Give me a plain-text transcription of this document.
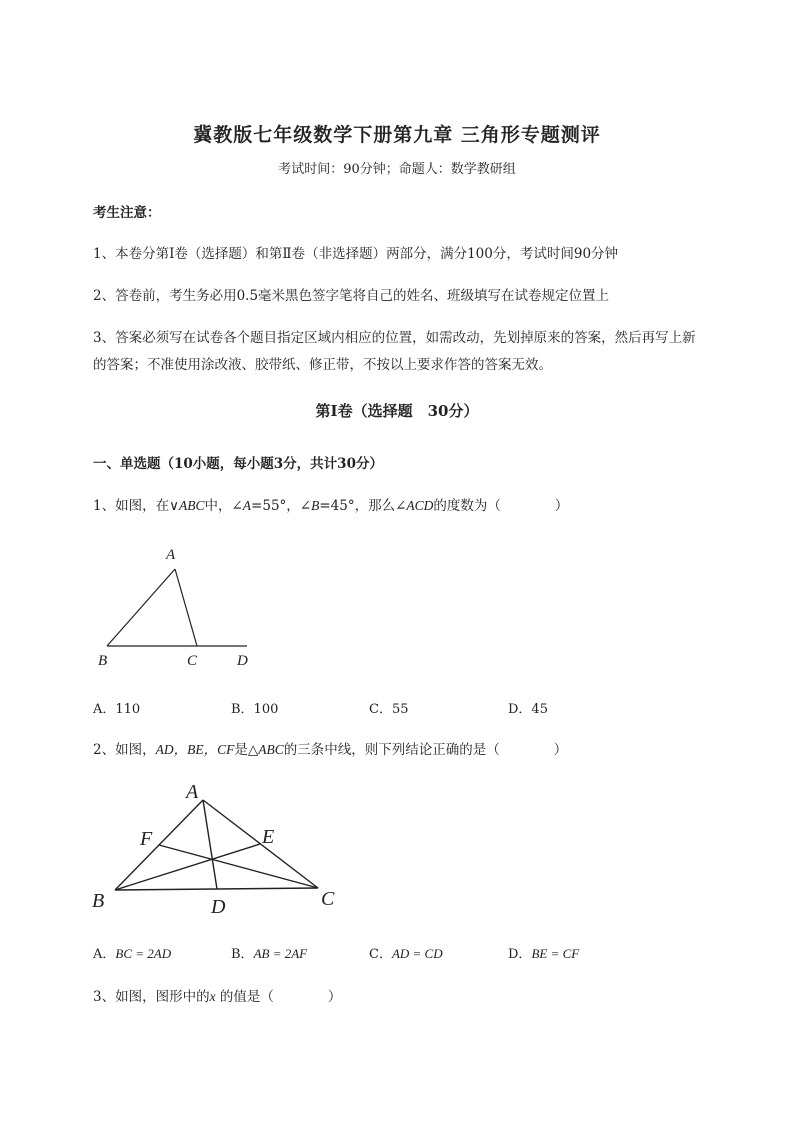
冀教版七年级数学下册第九章 三角形专题测评
考试时间：90分钟；命题人：数学教研组
考生注意：
1、本卷分第I卷（选择题）和第Ⅱ卷（非选择题）两部分，满分100分，考试时间90分钟
2、答卷前，考生务必用0.5毫米黑色签字笔将自己的姓名、班级填写在试卷规定位置上
3、答案必须写在试卷各个题目指定区域内相应的位置，如需改动，先划掉原来的答案，然后再写上新
的答案；不准使用涂改液、胶带纸、修正带，不按以上要求作答的答案无效。
第I卷（选择题　30分）
一、单选题（10小题，每小题3分，共计30分）
1、如图，在∨ABC中，∠A=55°，∠B=45°，那么∠ACD的度数为（　　　　）
A
B	C	D
A．110	B．100	C．55	D．45
2、如图，AD，BE，CF是△ABC的三条中线，则下列结论正确的是（　　　　）
A
B	C
D
E
F
A．BC = 2AD	B．AB = 2AF	C．AD = CD	D．BE = CF
3、如图，图形中的x 的值是（　　　　）
